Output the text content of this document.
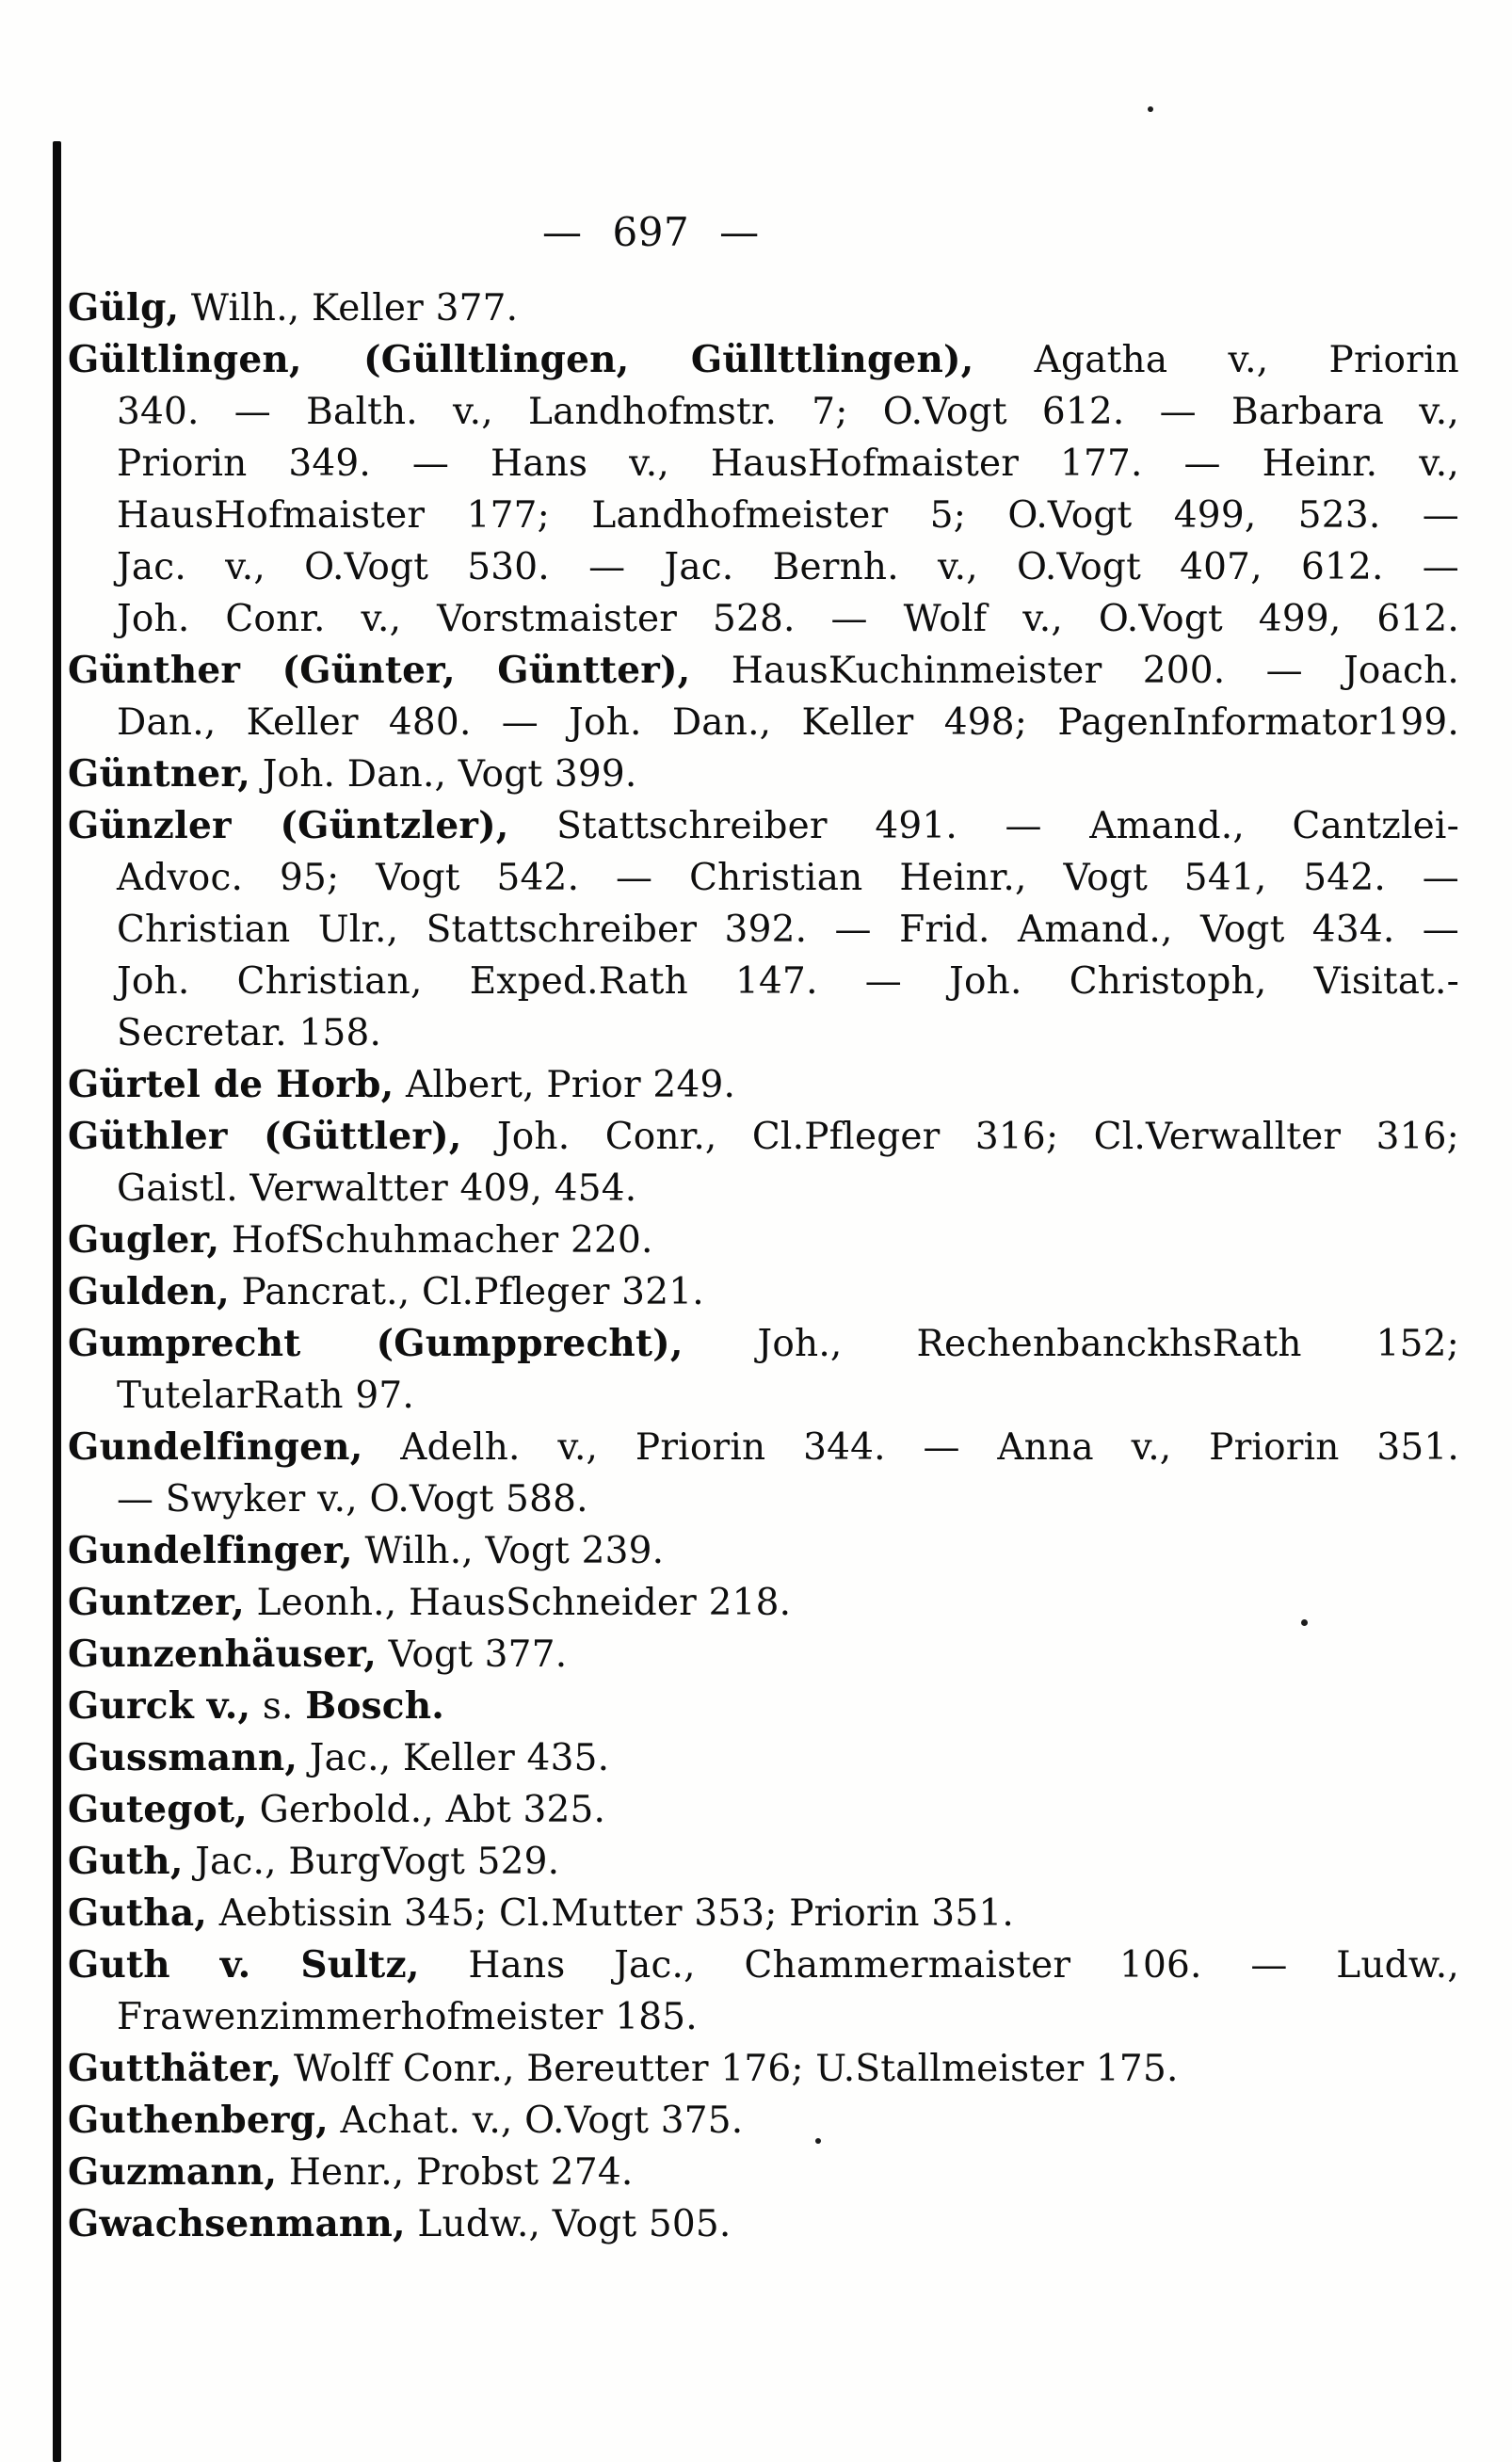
— 697 —

Gülg, Wilh., Keller 377.

Gültlingen, (Gülltlingen, Güllttlingen), Agatha v., Priorin
340. — Balth. v., Landhofmstr. 7; O.Vogt 612. — Barbara v.,
Priorin 349. — Hans v., HausHofmaister 177. — Heinr. v.,
HausHofmaister 177; Landhofmeister 5; O.Vogt 499, 523. —
Jac. v., O.Vogt 530. — Jac. Bernh. v., O.Vogt 407, 612. —
Joh. Conr. v., Vorstmaister 528. — Wolf v., O.Vogt 499, 612.

Günther (Günter, Güntter), HausKuchinmeister 200. — Joach.
Dan., Keller 480. — Joh. Dan., Keller 498; PagenInformator199.

Güntner, Joh. Dan., Vogt 399.

Günzler (Güntzler), Stattschreiber 491. — Amand., Cantzlei-
Advoc. 95; Vogt 542. — Christian Heinr., Vogt 541, 542. —
Christian Ulr., Stattschreiber 392. — Frid. Amand., Vogt 434. —
Joh. Christian, Exped.Rath 147. — Joh. Christoph, Visitat.-
Secretar. 158.

Gürtel de Horb, Albert, Prior 249.

Güthler (Güttler), Joh. Conr., Cl.Pfleger 316; Cl.Verwallter 316;
Gaistl. Verwaltter 409, 454.

Gugler, HofSchuhmacher 220.

Gulden, Pancrat., Cl.Pfleger 321.

Gumprecht (Gumpprecht), Joh., RechenbanckhsRath 152;
TutelarRath 97.

Gundelfingen, Adelh. v., Priorin 344. — Anna v., Priorin 351.
— Swyker v., O.Vogt 588.

Gundelfinger, Wilh., Vogt 239.

Guntzer, Leonh., HausSchneider 218.

Gunzenhäuser, Vogt 377.

Gurck v., s. Bosch.

Gussmann, Jac., Keller 435.

Gutegot, Gerbold., Abt 325.

Guth, Jac., BurgVogt 529.

Gutha, Aebtissin 345; Cl.Mutter 353; Priorin 351.

Guth v. Sultz, Hans Jac., Chammermaister 106. — Ludw.,
Frawenzimmerhofmeister 185.

Gutthäter, Wolff Conr., Bereutter 176; U.Stallmeister 175.

Guthenberg, Achat. v., O.Vogt 375.

Guzmann, Henr., Probst 274.

Gwachsenmann, Ludw., Vogt 505.
